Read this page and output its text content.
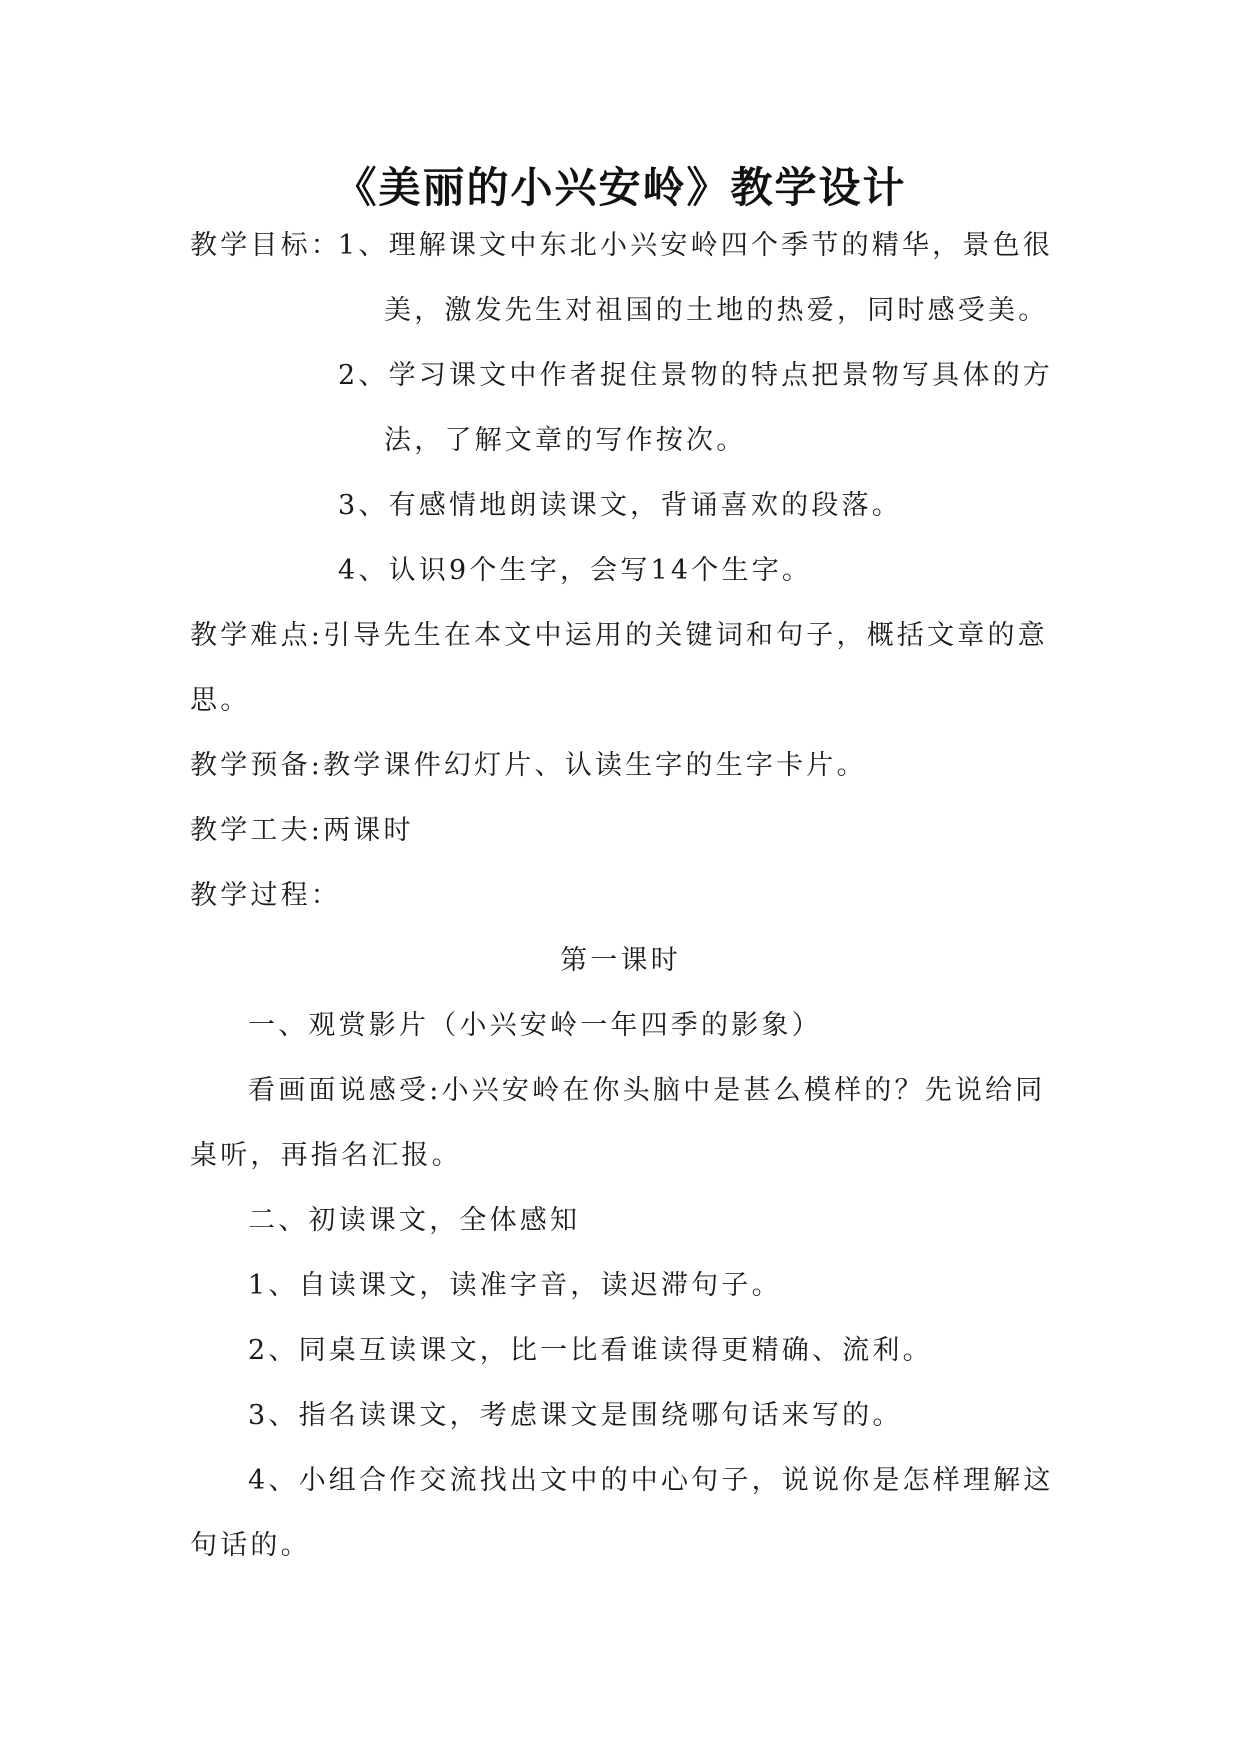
《美丽的小兴安岭》教学设计
教学目标：
1、理解课文中东北小兴安岭四个季节的精华，景色很
美，激发先生对祖国的土地的热爱，同时感受美。
2、学习课文中作者捉住景物的特点把景物写具体的方
法，了解文章的写作按次。
3、有感情地朗读课文，背诵喜欢的段落。
4、认识9个生字，会写14个生字。
教学难点:引导先生在本文中运用的关键词和句子，概括文章的意
思。
教学预备:教学课件幻灯片、认读生字的生字卡片。
教学工夫:两课时
教学过程：
第一课时
一、观赏影片（小兴安岭一年四季的影象）
看画面说感受:小兴安岭在你头脑中是甚么模样的？先说给同
桌听，再指名汇报。
二、初读课文，全体感知
1、自读课文，读准字音，读迟滞句子。
2、同桌互读课文，比一比看谁读得更精确、流利。
3、指名读课文，考虑课文是围绕哪句话来写的。
4、小组合作交流找出文中的中心句子，说说你是怎样理解这
句话的。
